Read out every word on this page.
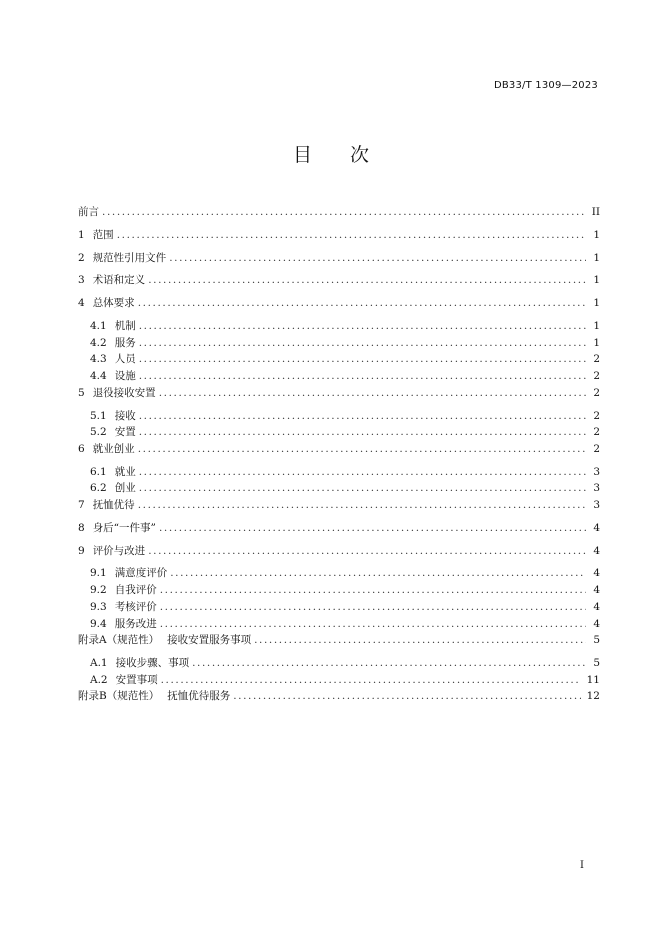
DB33/T 1309—2023
目 次
前言 .....	II
1 范围 .....	1
2 规范性引用文件 .....	1
3 术语和定义 .....	1
4 总体要求 .....	1
4.1 机制 .....	1
4.2 服务 .....	1
4.3 人员 .....	2
4.4 设施 .....	2
5 退役接收安置 .....	2
5.1 接收 .....	2
5.2 安置 .....	2
6 就业创业 .....	2
6.1 就业 .....	3
6.2 创业 .....	3
7 抚恤优待 .....	3
8 身后“一件事” .....	4
9 评价与改进 .....	4
9.1 满意度评价 .....	4
9.2 自我评价 .....	4
9.3 考核评价 .....	4
9.4 服务改进 .....	4
附录A（规范性） 接收安置服务事项 .....	5
A.1 接收步骤、事项 .....	5
A.2 安置事项 .....	11
附录B（规范性） 抚恤优待服务 .....	12
I
